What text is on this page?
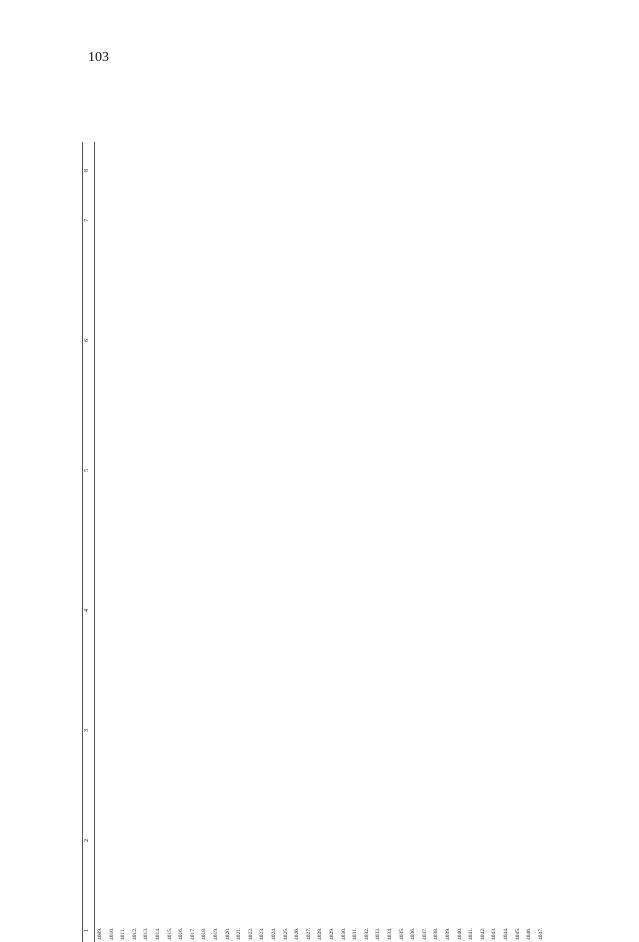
103
1
2
3
4
5
6
7
8
4009. 4010. 4011. 4012. 4013. 4014. 4015. 4016. 4017. 4018. 4019. 4020. 4021. 4022. 4023. 4024. 4025. 4026. 4027. 4028. 4029. 4030. 4031. 4032. 4033. 4034. 4035. 4036. 4037. 4038. 4039. 4040. 4041. 4042. 4043. 4044. 4045. 4046. 4047.
